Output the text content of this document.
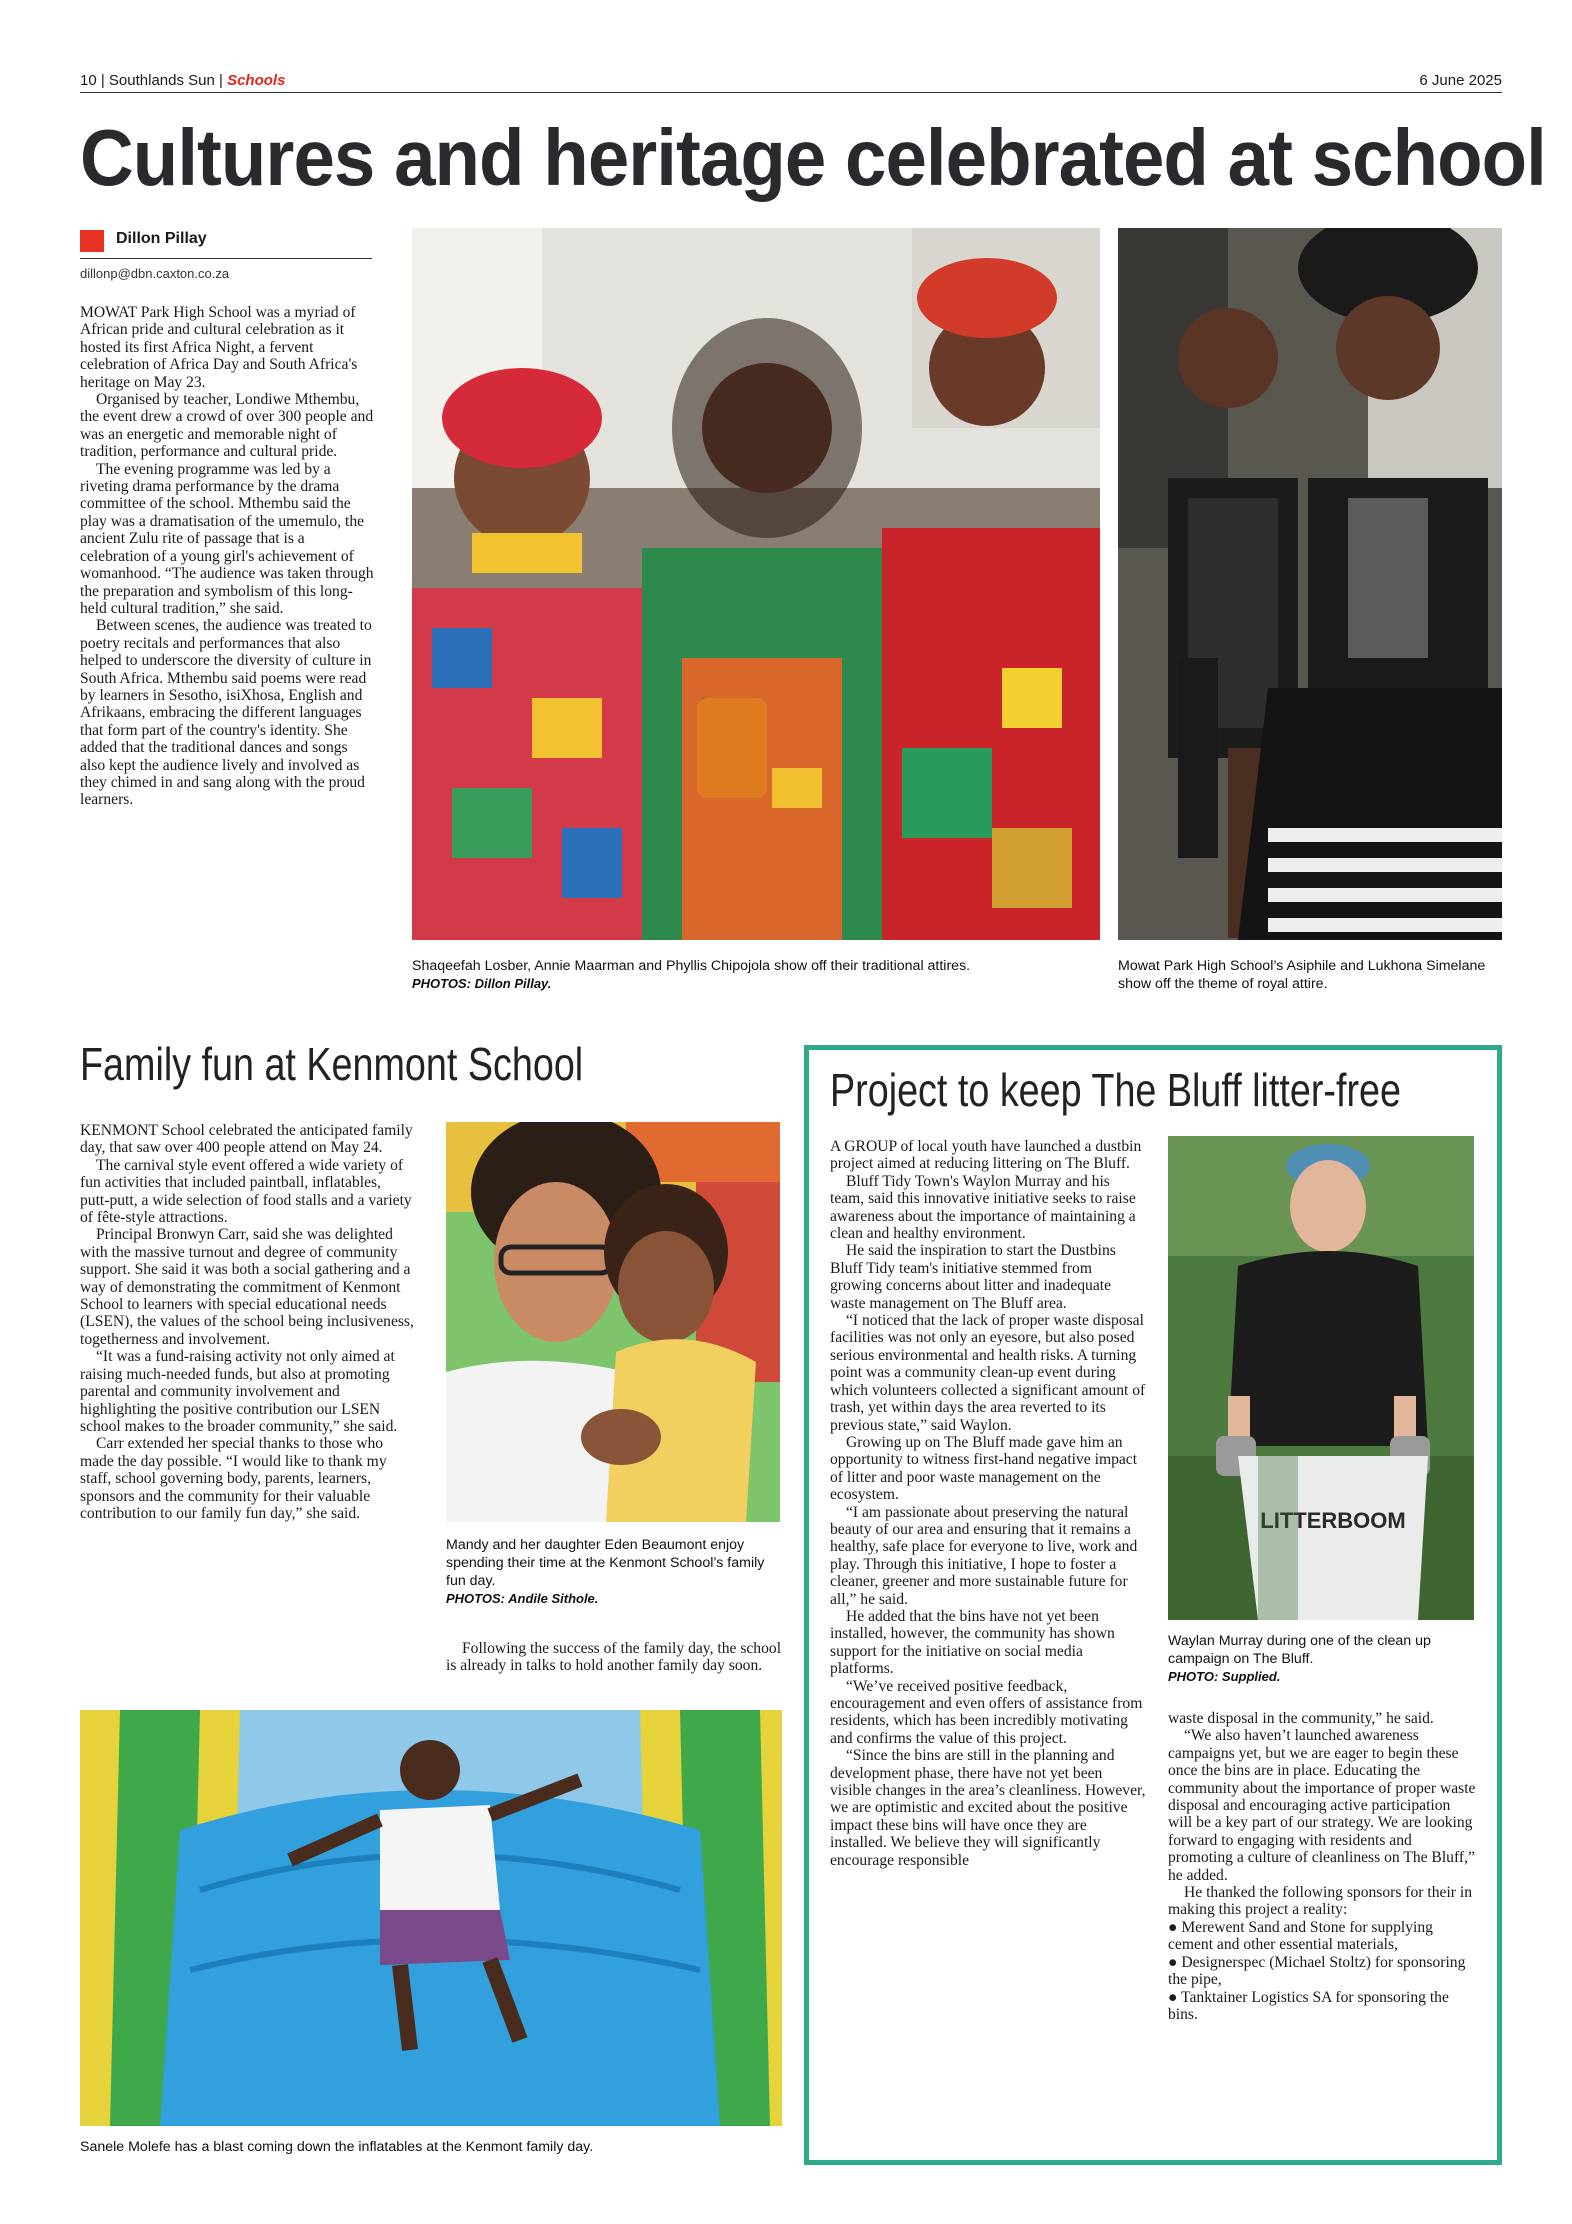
10 | Southlands Sun | Schools	6 June 2025
Cultures and heritage celebrated at school
Dillon Pillay
dillonp@dbn.caxton.co.za

MOWAT Park High School was a myriad of African pride and cultural celebration as it hosted its first Africa Night, a fervent celebration of Africa Day and South Africa's heritage on May 23.

Organised by teacher, Londiwe Mthembu, the event drew a crowd of over 300 people and was an energetic and memorable night of tradition, performance and cultural pride.

The evening programme was led by a riveting drama performance by the drama committee of the school. Mthembu said the play was a dramatisation of the umemulo, the ancient Zulu rite of passage that is a celebration of a young girl's achievement of womanhood. “The audience was taken through the preparation and symbolism of this long-held cultural tradition,” she said.

Between scenes, the audience was treated to poetry recitals and performances that also helped to underscore the diversity of culture in South Africa. Mthembu said poems were read by learners in Sesotho, isiXhosa, English and Afrikaans, embracing the different languages that form part of the country's identity. She added that the traditional dances and songs also kept the audience lively and involved as they chimed in and sang along with the proud learners.

Shaqeefah Losber, Annie Maarman and Phyllis Chipojola show off their traditional attires.
PHOTOS: Dillon Pillay.
Mowat Park High School’s Asiphile and Lukhona Simelane show off the theme of royal attire.
Family fun at Kenmont School

KENMONT School celebrated the anticipated family day, that saw over 400 people attend on May 24.

The carnival style event offered a wide variety of fun activities that included paintball, inflatables, putt-putt, a wide selection of food stalls and a variety of fête-style attractions.

Principal Bronwyn Carr, said she was delighted with the massive turnout and degree of community support. She said it was both a social gathering and a way of demonstrating the commitment of Kenmont School to learners with special educational needs (LSEN), the values of the school being inclusiveness, togetherness and involvement.

“It was a fund-raising activity not only aimed at raising much-needed funds, but also at promoting parental and community involvement and highlighting the positive contribution our LSEN school makes to the broader community,” she said.

Carr extended her special thanks to those who made the day possible. “I would like to thank my staff, school governing body, parents, learners, sponsors and the community for their valuable contribution to our family fun day,” she said.

Mandy and her daughter Eden Beaumont enjoy spending their time at the Kenmont School’s family fun day.
PHOTOS: Andile Sithole.

Following the success of the family day, the school is already in talks to hold another family day soon.

Sanele Molefe has a blast coming down the inflatables at the Kenmont family day.
Project to keep The Bluff litter-free

A GROUP of local youth have launched a dustbin project aimed at reducing littering on The Bluff.

Bluff Tidy Town's Waylon Murray and his team, said this innovative initiative seeks to raise awareness about the importance of maintaining a clean and healthy environment.

He said the inspiration to start the Dustbins Bluff Tidy team's initiative stemmed from growing concerns about litter and inadequate waste management on The Bluff area.

“I noticed that the lack of proper waste disposal facilities was not only an eyesore, but also posed serious environmental and health risks. A turning point was a community clean-up event during which volunteers collected a significant amount of trash, yet within days the area reverted to its previous state,” said Waylon.

Growing up on The Bluff made gave him an opportunity to witness first-hand negative impact of litter and poor waste management on the ecosystem.

“I am passionate about preserving the natural beauty of our area and ensuring that it remains a healthy, safe place for everyone to live, work and play. Through this initiative, I hope to foster a cleaner, greener and more sustainable future for all,” he said.

He added that the bins have not yet been installed, however, the community has shown support for the initiative on social media platforms.

“We’ve received positive feedback, encouragement and even offers of assistance from residents, which has been incredibly motivating and confirms the value of this project.

“Since the bins are still in the planning and development phase, there have not yet been visible changes in the area’s cleanliness. However, we are optimistic and excited about the positive impact these bins will have once they are installed. We believe they will significantly encourage responsible

LITTERBOOM
Waylan Murray during one of the clean up campaign on The Bluff.
PHOTO: Supplied.

waste disposal in the community,” he said.

“We also haven’t launched awareness campaigns yet, but we are eager to begin these once the bins are in place. Educating the community about the importance of proper waste disposal and encouraging active participation will be a key part of our strategy. We are looking forward to engaging with residents and promoting a culture of cleanliness on The Bluff,” he added.

He thanked the following sponsors for their in making this project a reality:

● Merewent Sand and Stone for supplying cement and other essential materials,
● Designerspec (Michael Stoltz) for sponsoring the pipe,
● Tanktainer Logistics SA for sponsoring the bins.
